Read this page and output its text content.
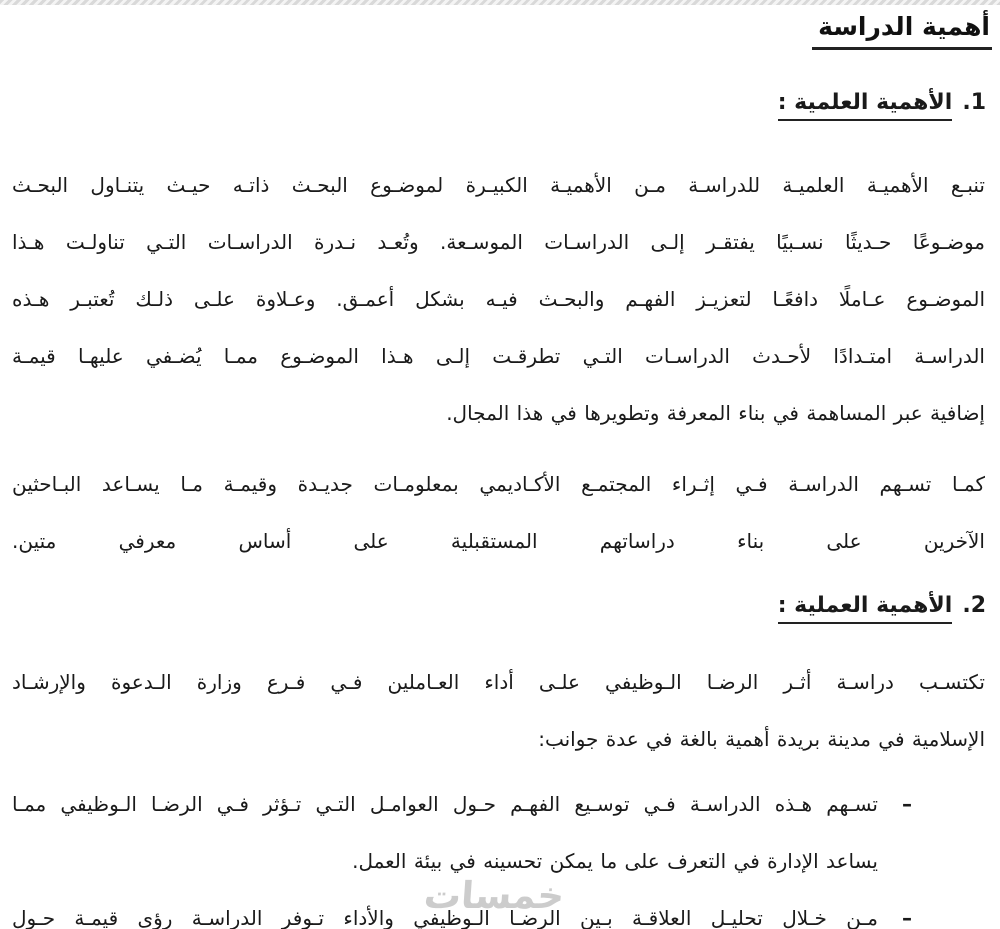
خمسات
أهمية الدراسة
1.الأهمية العلمية :
تنبـع الأهميـة العلميـة للدراسـة مـن الأهميـة الكبيـرة لموضـوع البحـث ذاتـه حيـث يتنـاول البحـث
موضـوعًا حـديثًا نسـبيًا يفتقـر إلـى الدراسـات الموسـعة. وتُعـد نـدرة الدراسـات التـي تناولـت هـذا
الموضـوع عـاملًا دافعًـا لتعزيـز الفهـم والبحـث فيـه بشكل أعمـق. وعـلاوة علـى ذلـك تُعتبـر هـذه
الدراسـة امتـدادًا لأحـدث الدراسـات التـي تطرقـت إلـى هـذا الموضـوع ممـا يُضـفي عليهـا قيمـة
إضافية عبر المساهمة في بناء المعرفة وتطويرها في هذا المجال.
كمـا تسـهم الدراسـة فـي إثـراء المجتمـع الأكـاديمي بمعلومـات جديـدة وقيمـة مـا يسـاعد البـاحثين
الآخرين على بناء دراساتهم المستقبلية على أساس معرفي متين.
2.الأهمية العملية :
تكتسـب دراسـة أثـر الرضـا الـوظيفي علـى أداء العـاملين فـي فـرع وزارة الـدعوة والإرشـاد
الإسلامية في مدينة بريدة أهمية بالغة في عدة جوانب:
–
تسـهم هـذه الدراسـة فـي توسـيع الفهـم حـول العوامـل التـي تـؤثر فـي الرضـا الـوظيفي ممـا
يساعد الإدارة في التعرف على ما يمكن تحسينه في بيئة العمل.
–
مـن خـلال تحليـل العلاقـة بـين الرضـا الـوظيفي والأداء تـوفر الدراسـة رؤى قيمـة حـول
